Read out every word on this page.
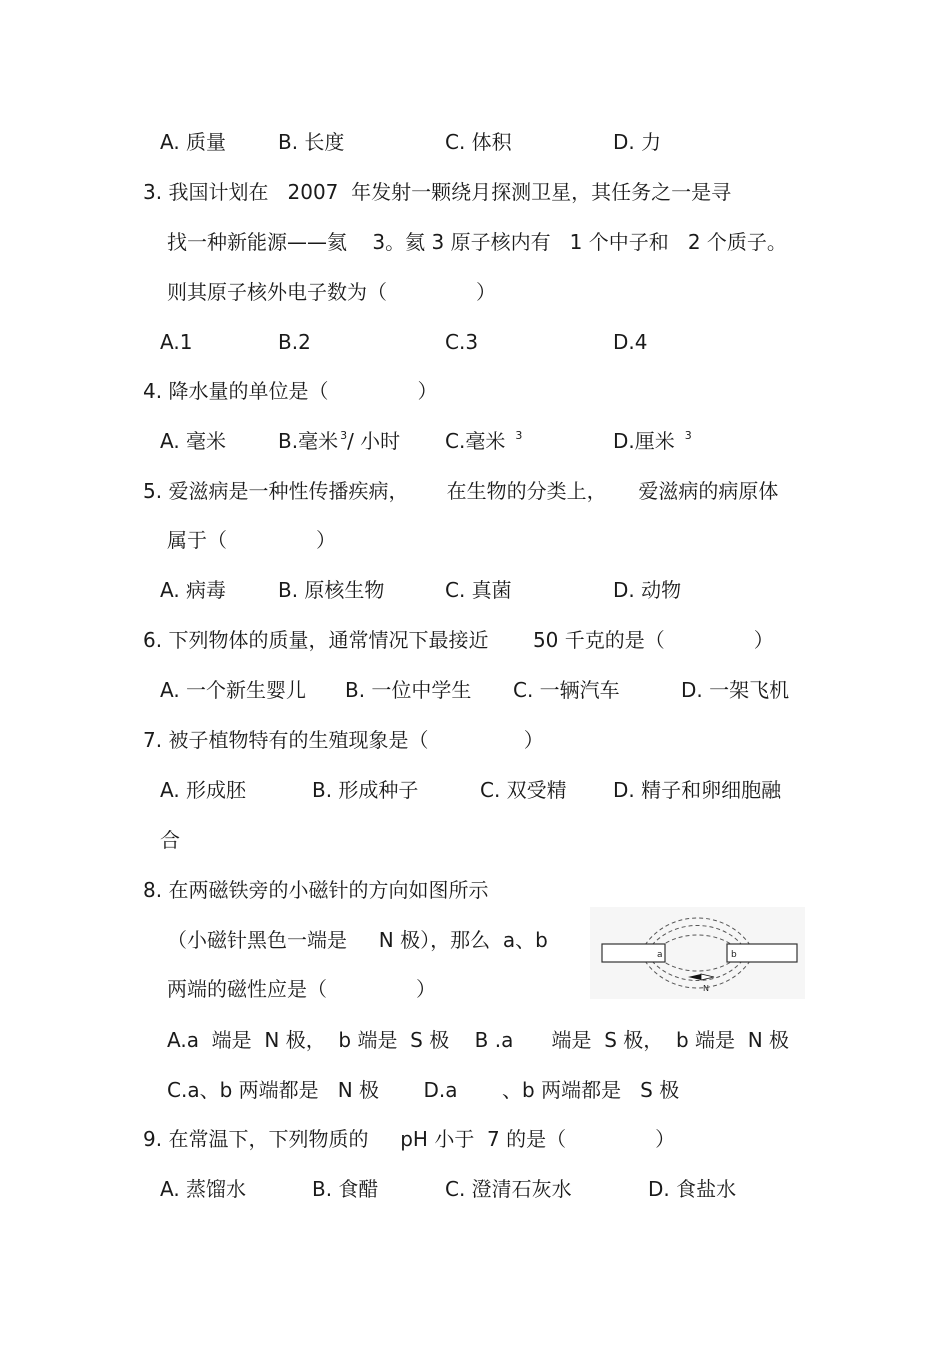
A. 质量	B. 长度	C. 体积	D. 力
3. 我国计划在   2007  年发射一颗绕月探测卫星，其任务之一是寻
找一种新能源——氦    3。氦 3 原子核内有   1 个中子和   2 个质子。
则其原子核外电子数为（              ）
A.1	B.2	C.3	D.4
4. 降水量的单位是（              ）
A. 毫米	B.毫米 $^3$/ 小时 C.毫米 $^3$	D.厘米 $^3$
5. 爱滋病是一种性传播疾病，      在生物的分类上，     爱滋病的病原体
属于（              ）
A. 病毒	B. 原核生物	C. 真菌	D. 动物
6. 下列物体的质量，通常情况下最接近       50 千克的是（              ）
A. 一个新生婴儿 B. 一位中学生 C. 一辆汽车	D. 一架飞机
7. 被子植物特有的生殖现象是（               ）
A. 形成胚	B. 形成种子	C. 双受精 D. 精子和卵细胞融
合
8. 在两磁铁旁的小磁针的方向如图所示
（小磁针黑色一端是     N 极），那么  a、b
两端的磁性应是（              ）
a	b
N
A.a  端是  N 极，  b 端是  S 极    B .a      端是  S 极，  b 端是  N 极
C.a、b 两端都是   N 极       D.a       、b 两端都是   S 极
9. 在常温下，下列物质的     pH 小于  7 的是（              ）
A. 蒸馏水	B. 食醋	C. 澄清石灰水	D. 食盐水
